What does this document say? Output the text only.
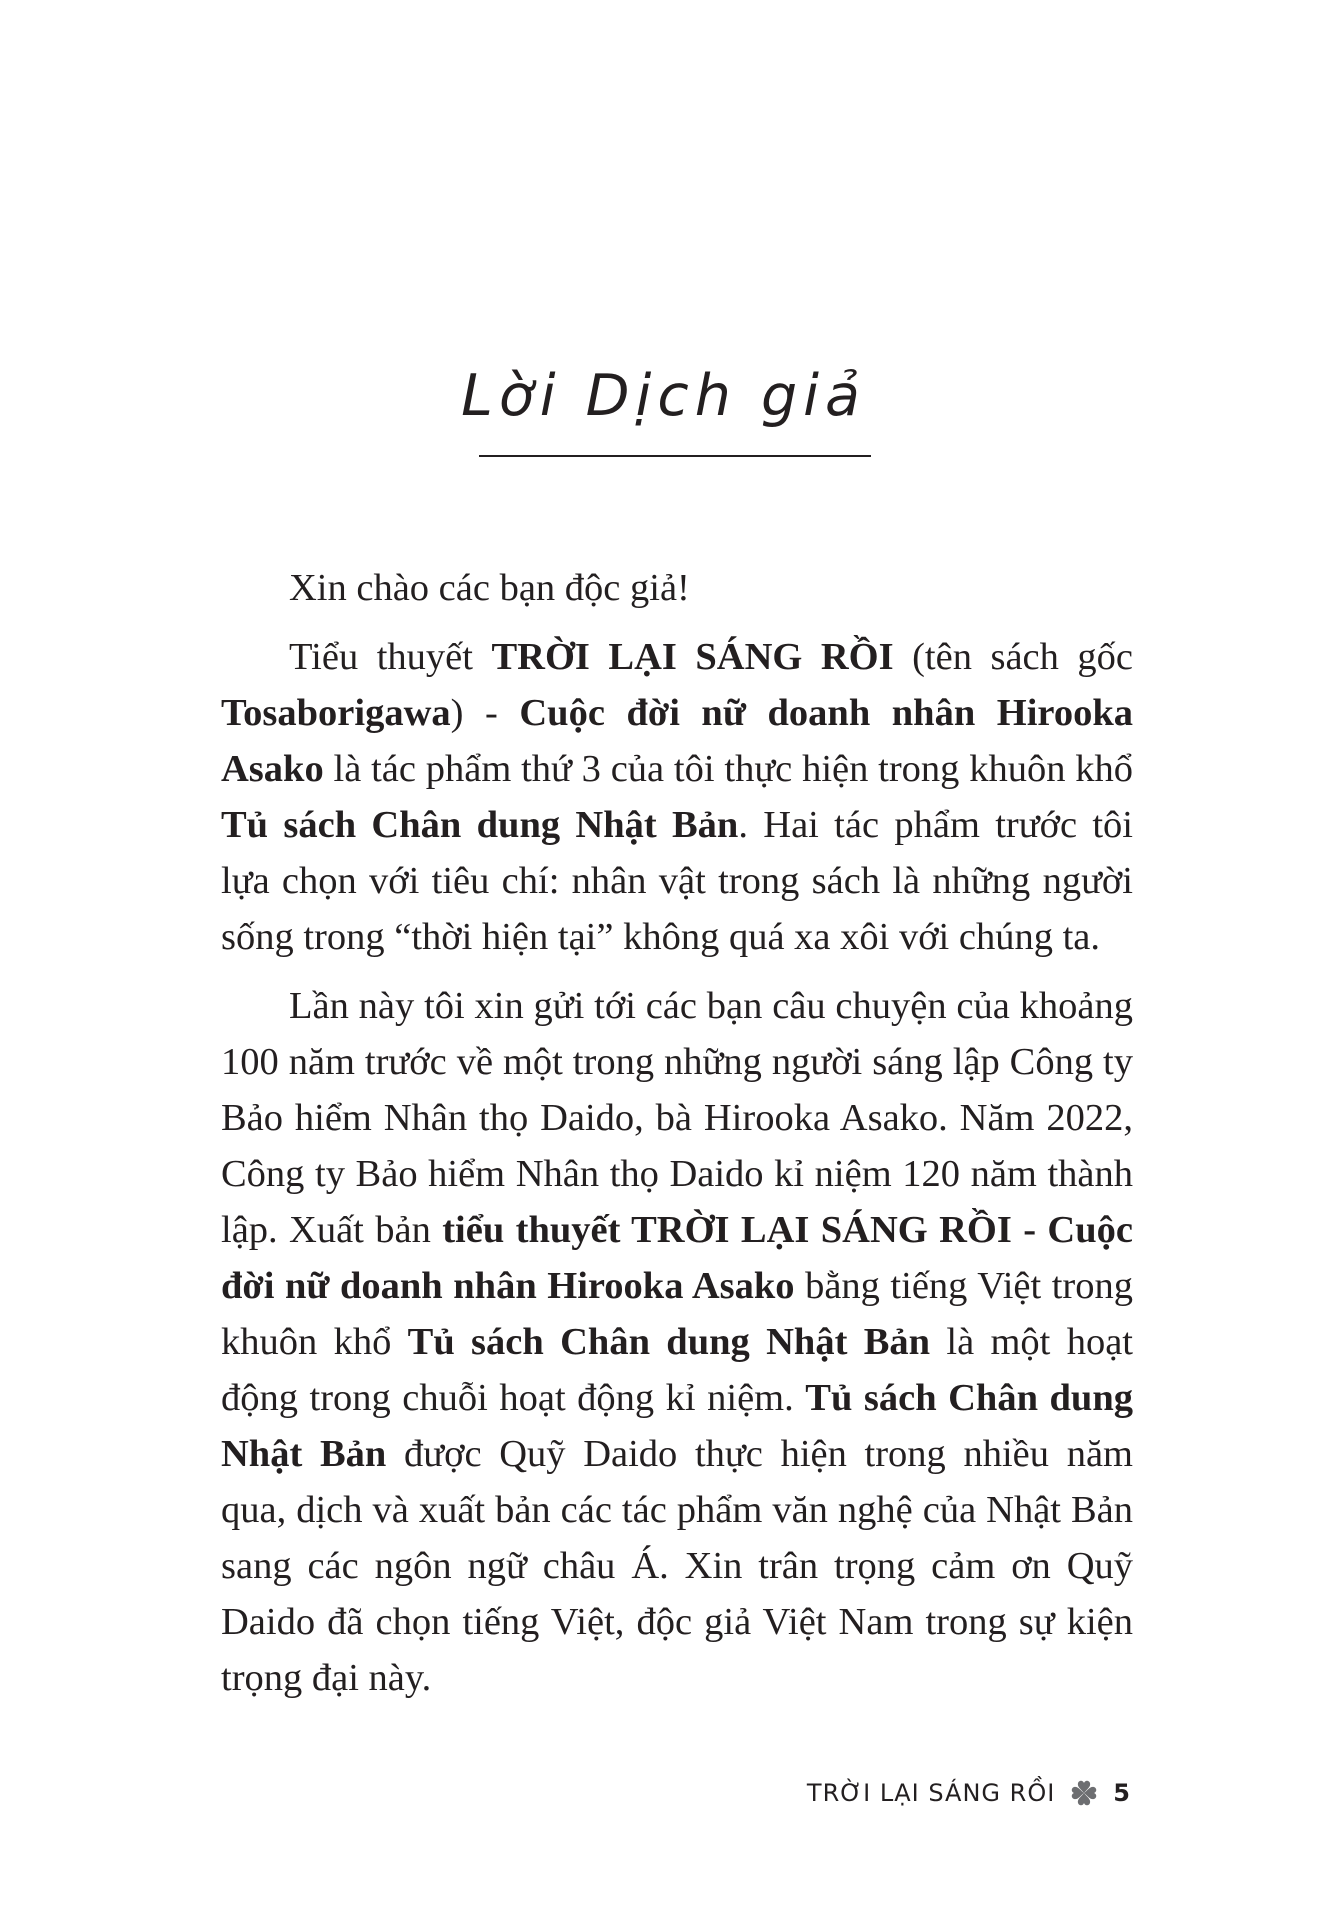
Lời Dịch giả

Xin chào các bạn độc giả!

Tiểu thuyết TRỜI LẠI SÁNG RỒI (tên sách gốc Tosaborigawa) - Cuộc đời nữ doanh nhân Hirooka Asako là tác phẩm thứ 3 của tôi thực hiện trong khuôn khổ Tủ sách Chân dung Nhật Bản. Hai tác phẩm trước tôi lựa chọn với tiêu chí: nhân vật trong sách là những người sống trong “thời hiện tại” không quá xa xôi với chúng ta.

Lần này tôi xin gửi tới các bạn câu chuyện của khoảng 100 năm trước về một trong những người sáng lập Công ty Bảo hiểm Nhân thọ Daido, bà Hirooka Asako. Năm 2022, Công ty Bảo hiểm Nhân thọ Daido kỉ niệm 120 năm thành lập. Xuất bản tiểu thuyết TRỜI LẠI SÁNG RỒI - Cuộc đời nữ doanh nhân Hirooka Asako bằng tiếng Việt trong khuôn khổ Tủ sách Chân dung Nhật Bản là một hoạt động trong chuỗi hoạt động kỉ niệm. Tủ sách Chân dung Nhật Bản được Quỹ Daido thực hiện trong nhiều năm qua, dịch và xuất bản các tác phẩm văn nghệ của Nhật Bản sang các ngôn ngữ châu Á. Xin trân trọng cảm ơn Quỹ Daido đã chọn tiếng Việt, độc giả Việt Nam trong sự kiện trọng đại này.

TRỜI LẠI SÁNG RỒI 5
